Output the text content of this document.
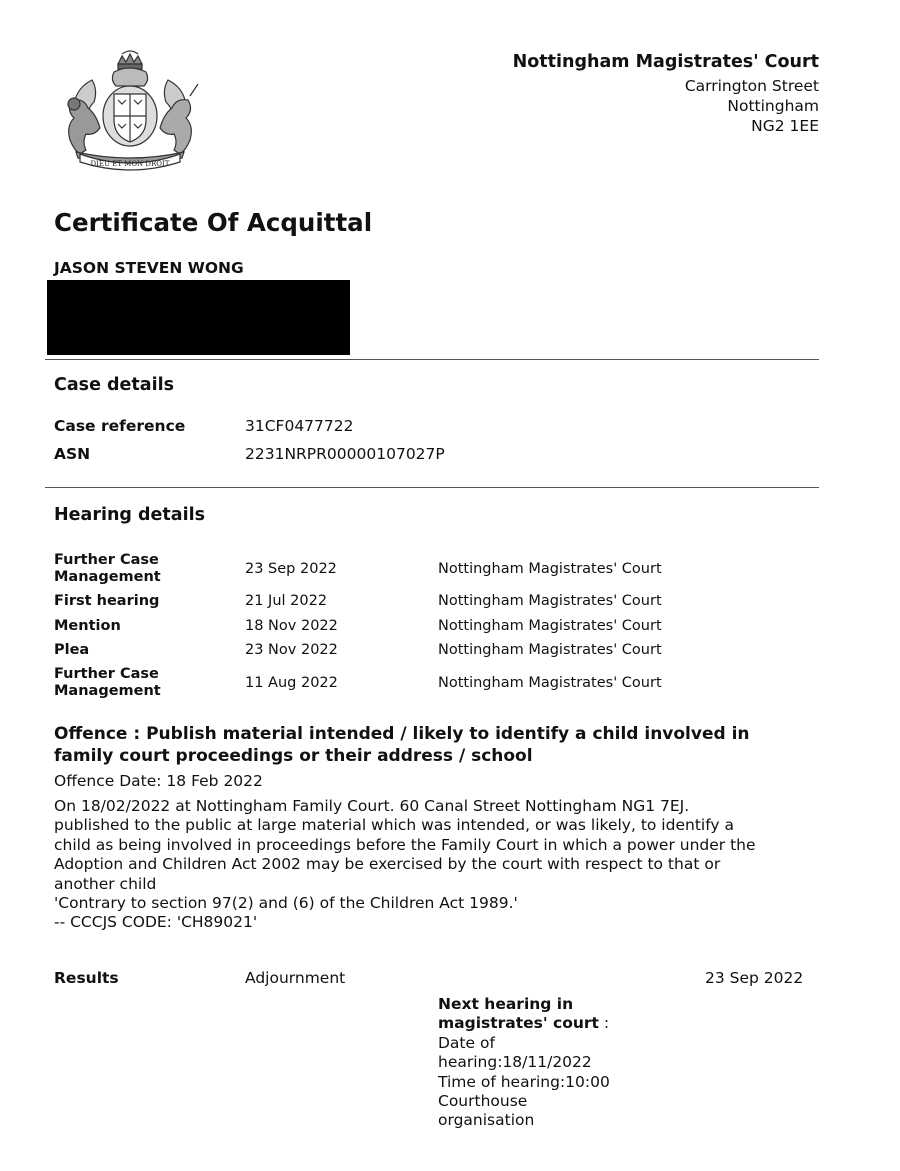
DIEU ET MON DROIT
Nottingham Magistrates' Court
Carrington Street
Nottingham
NG2 1EE
Certificate Of Acquittal
JASON STEVEN WONG
Case details
Case reference	31CF0477722
ASN	2231NRPR00000107027P
Hearing details
Further Case Management	23 Sep 2022	Nottingham Magistrates' Court
First hearing	21 Jul 2022	Nottingham Magistrates' Court
Mention	18 Nov 2022	Nottingham Magistrates' Court
Plea	23 Nov 2022	Nottingham Magistrates' Court
Further Case Management	11 Aug 2022	Nottingham Magistrates' Court
Offence : Publish material intended / likely to identify a child involved in family court proceedings or their address / school
Offence Date: 18 Feb 2022
On 18/02/2022 at Nottingham Family Court. 60 Canal Street Nottingham NG1 7EJ.
published to the public at large material which was intended, or was likely, to identify a
child as being involved in proceedings before the Family Court in which a power under the
Adoption and Children Act 2002 may be exercised by the court with respect to that or
another child
'Contrary to section 97(2) and (6) of the Children Act 1989.'
-- CCCJS CODE: 'CH89021'
Results	Adjournment	23 Sep 2022
Next hearing in magistrates' court : Date of hearing:18/11/2022 Time of hearing:10:00 Courthouse organisation
